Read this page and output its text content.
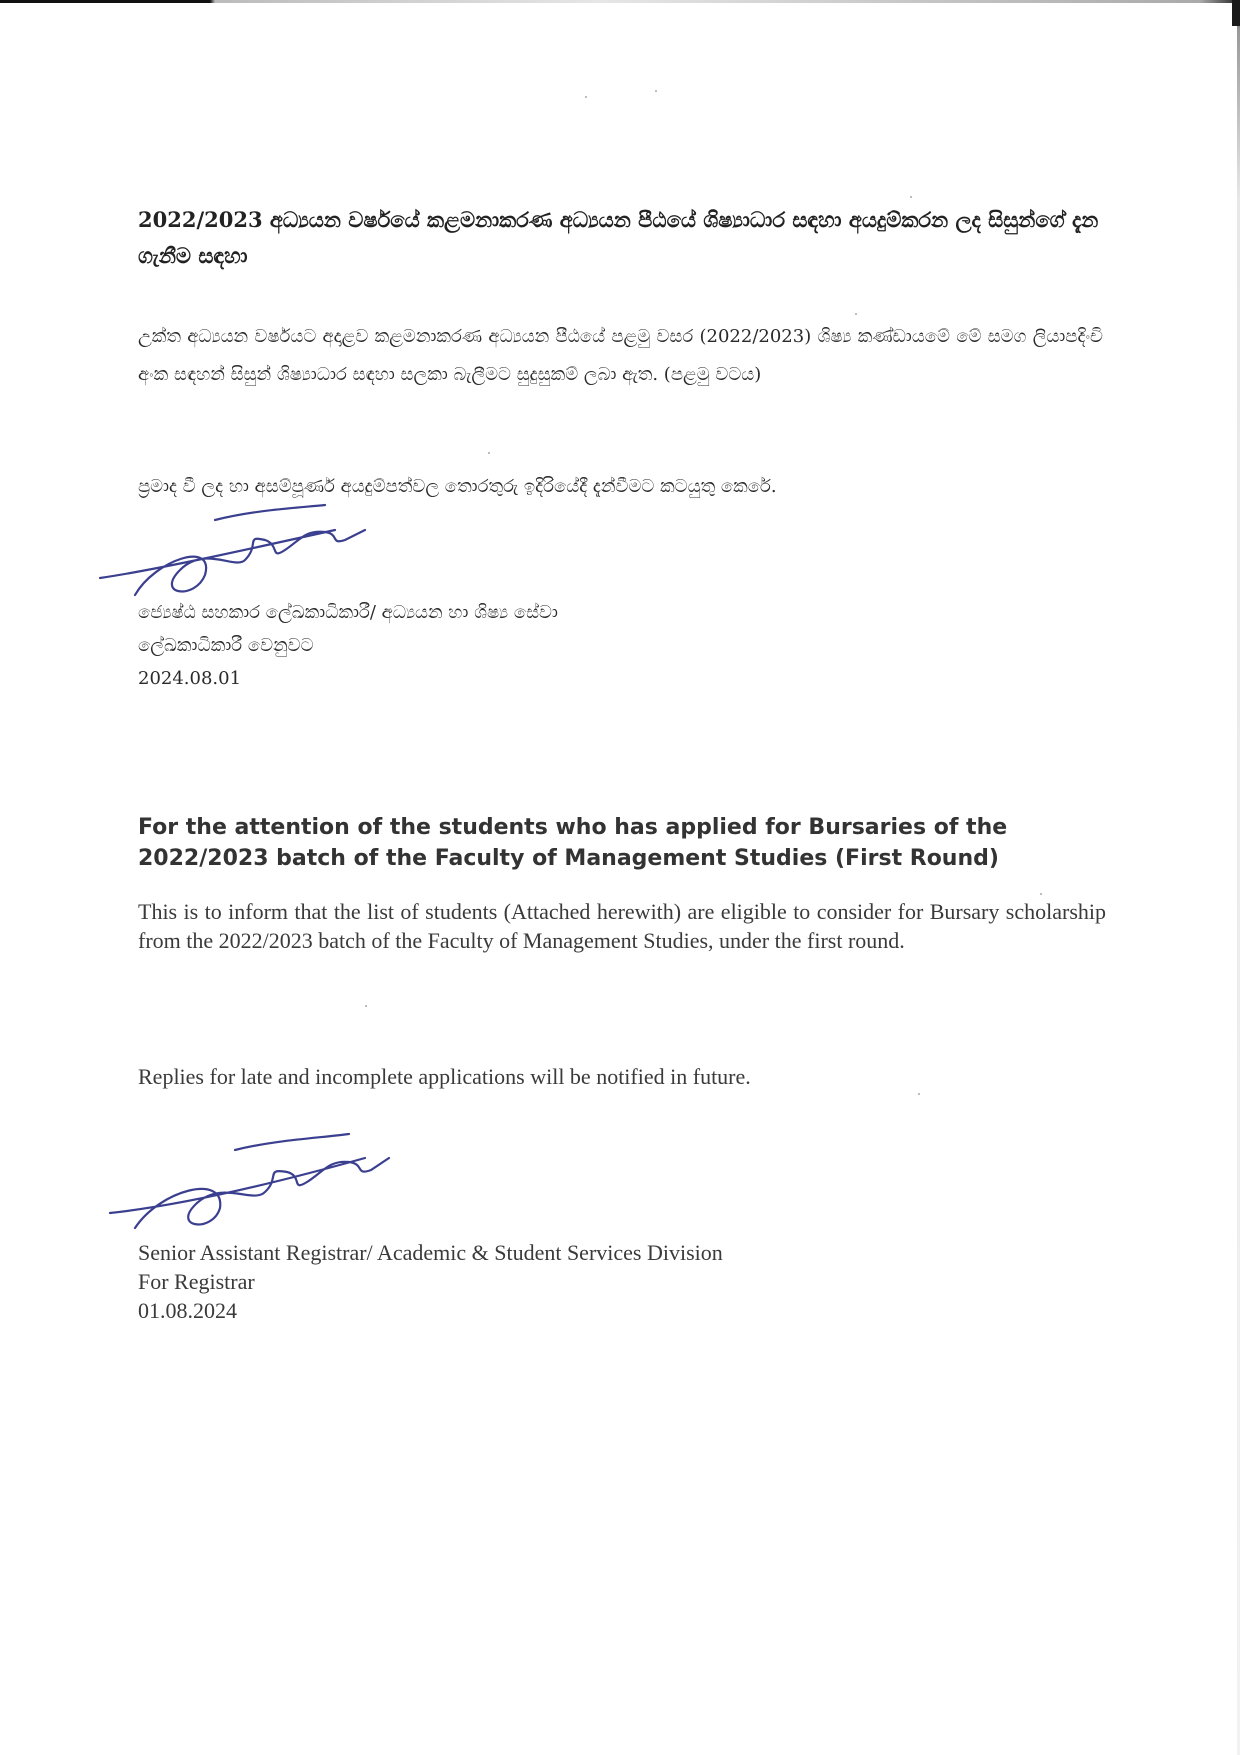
2022/2023 අධ්‍යයන වර්ෂයේ කළමනාකරණ අධ්‍යයන පීඨයේ ශිෂ්‍යාධාර සඳහා අයදුම්කරන ලද සිසුන්ගේ දැන ගැනීම සඳහා
උක්ත අධ්‍යයන වර්ෂයට අදාළව කළමනාකරණ අධ්‍යයන පීඨයේ පළමු වසර (2022/2023) ශිෂ්‍ය කණ්ඩායමේ මේ සමග ලියාපදිංචි අංක සඳහන් සිසුන් ශිෂ්‍යාධාර සඳහා සලකා බැලීමට සුදුසුකම් ලබා ඇත. (පළමු වටය)
ප්‍රමාද වී ලද හා අසම්පූර්ණ අයදුම්පත්වල තොරතුරු ඉදිරියේදී දැන්වීමට කටයුතු කෙරේ.
ජ්‍යෙෂ්ඨ සහකාර ලේඛකාධිකාරී/ අධ්‍යයන හා ශිෂ්‍ය සේවා
ලේඛකාධිකාරී වෙනුවට
2024.08.01
For the attention of the students who has applied for Bursaries of the 2022/2023 batch of the Faculty of Management Studies (First Round)
This is to inform that the list of students (Attached herewith) are eligible to consider for Bursary scholarship from the 2022/2023 batch of the Faculty of Management Studies, under the first round.
Replies for late and incomplete applications will be notified in future.
Senior Assistant Registrar/ Academic & Student Services Division
For Registrar
01.08.2024
